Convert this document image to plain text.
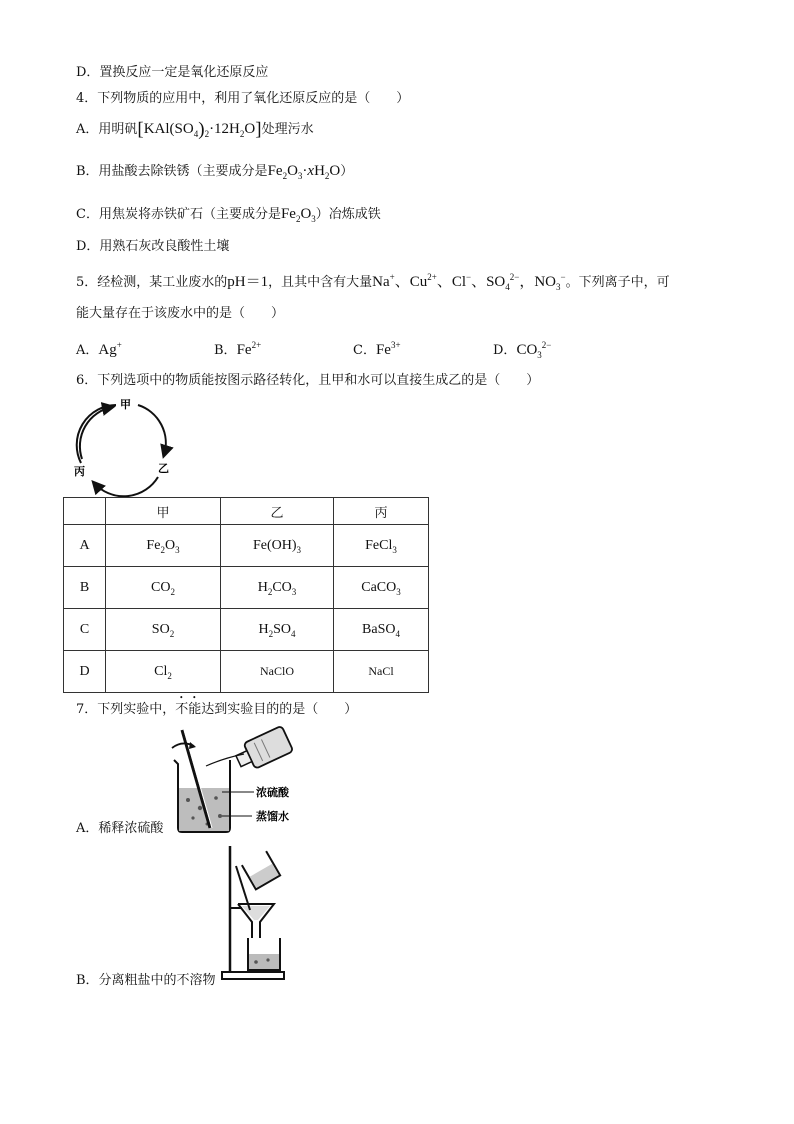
D．置换反应一定是氧化还原反应
4．下列物质的应用中，利用了氧化还原反应的是（　　）
A．用明矾$[KAl(SO_4)_2\cdot 12H_2O]$处理污水
B．用盐酸去除铁锈（主要成分是$Fe_2O_3\cdot xH_2O$）
C．用焦炭将赤铁矿石（主要成分是$Fe_2O_3$）冶炼成铁
D．用熟石灰改良酸性土壤
5．经检测，某工业废水的pH＝1，且其中含有大量Na+、$Cu^{2+}$、Cl−、$SO_4^{2-}$，$NO_3^-$。下列离子中，可
能大量存在于该废水中的是（　　）
A．Ag+	B．$Fe^{2+}$	C．$Fe^{3+}$	D．$CO_3^{2-}$
6．下列选项中的物质能按图示路径转化，且甲和水可以直接生成乙的是（　　）
甲
乙
丙
	甲	乙	丙
A	$Fe_2O_3$	$Fe(OH)_3$	FeCl$_3$
B	$CO_2$	$H_2CO_3$	CaCO$_3$
C	$SO_2$	$H_2SO_4$	BaSO$_4$
D	$Cl_2$	NaClO	NaCl
7．下列实验中，不能达到实验目的的是（　　）
浓硫酸
蒸馏水
A．稀释浓硫酸
B．分离粗盐中的不溶物
